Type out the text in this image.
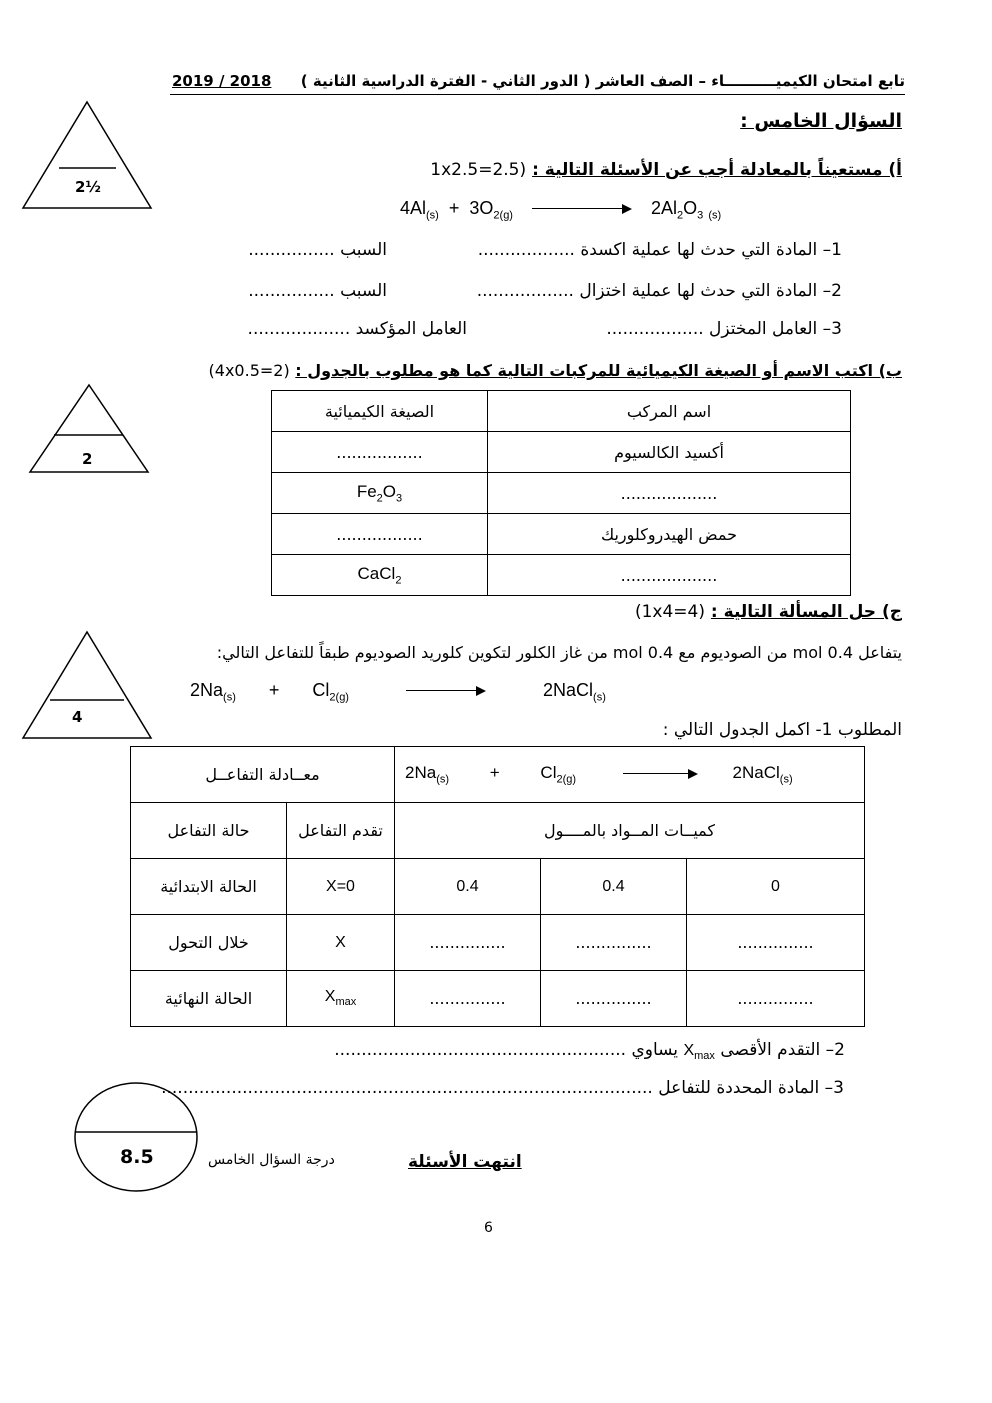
تابع امتحان الكيميــــــــــاء – الصف العاشر ( الدور الثاني - الفترة الدراسية الثانية )
2019 / 2018
السؤال الخامس :
2½
أ) مستعيناً بالمعادلة أجب عن الأسئلة التالية : (1x2.5=2.5
$4Al_{(s)} + 3O_{2(g)}$	$2Al_2O_3$ $_{(s)}$
1– المادة التي حدث لها عملية اكسدة ..................
السبب ................
2– المادة التي حدث لها عملية اختزال ..................
السبب ................
3– العامل المختزل ..................
العامل المؤكسد ...................
ب) اكتب الاسم أو الصيغة الكيميائية للمركبات التالية كما هو مطلوب بالجدول : (4x0.5=2)
2
الصيغة الكيميائية	اسم المركب
.................	أكسيد الكالسيوم
$Fe_2O_3$	...................
.................	حمض الهيدروكلوريك
CaCl$_2$	...................
ج) حل المسألة التالية : (1x4=4)
4
يتفاعل 0.4 mol من الصوديوم مع 0.4 mol من غاز الكلور لتكوين كلوريد الصوديوم طبقاً للتفاعل التالي:
$2Na_{(s)} + Cl_{2(g)}$	2NaCl$_{(s)}$
المطلوب 1- اكمل الجدول التالي :
معــادلة التفاعــل		$2Na_{(s)} + Cl_{2(g)}$ 2NaCl$_{(s)}$
حالة التفاعل	تقدم التفاعل	كميــات المــواد بالمــــول		
الحالة الابتدائية	X=0	0.4	0.4	0
خلال التحول	X	...............	...............	...............
الحالة النهائية	$X_{max}$	...............	...............	...............
يساوي ...................................................... $X_{max}$ 2– التقدم الأقصى
3– المادة المحددة للتفاعل ...........................................................................................
8.5	درجة السؤال الخامس	انتهت الأسئلة
6
